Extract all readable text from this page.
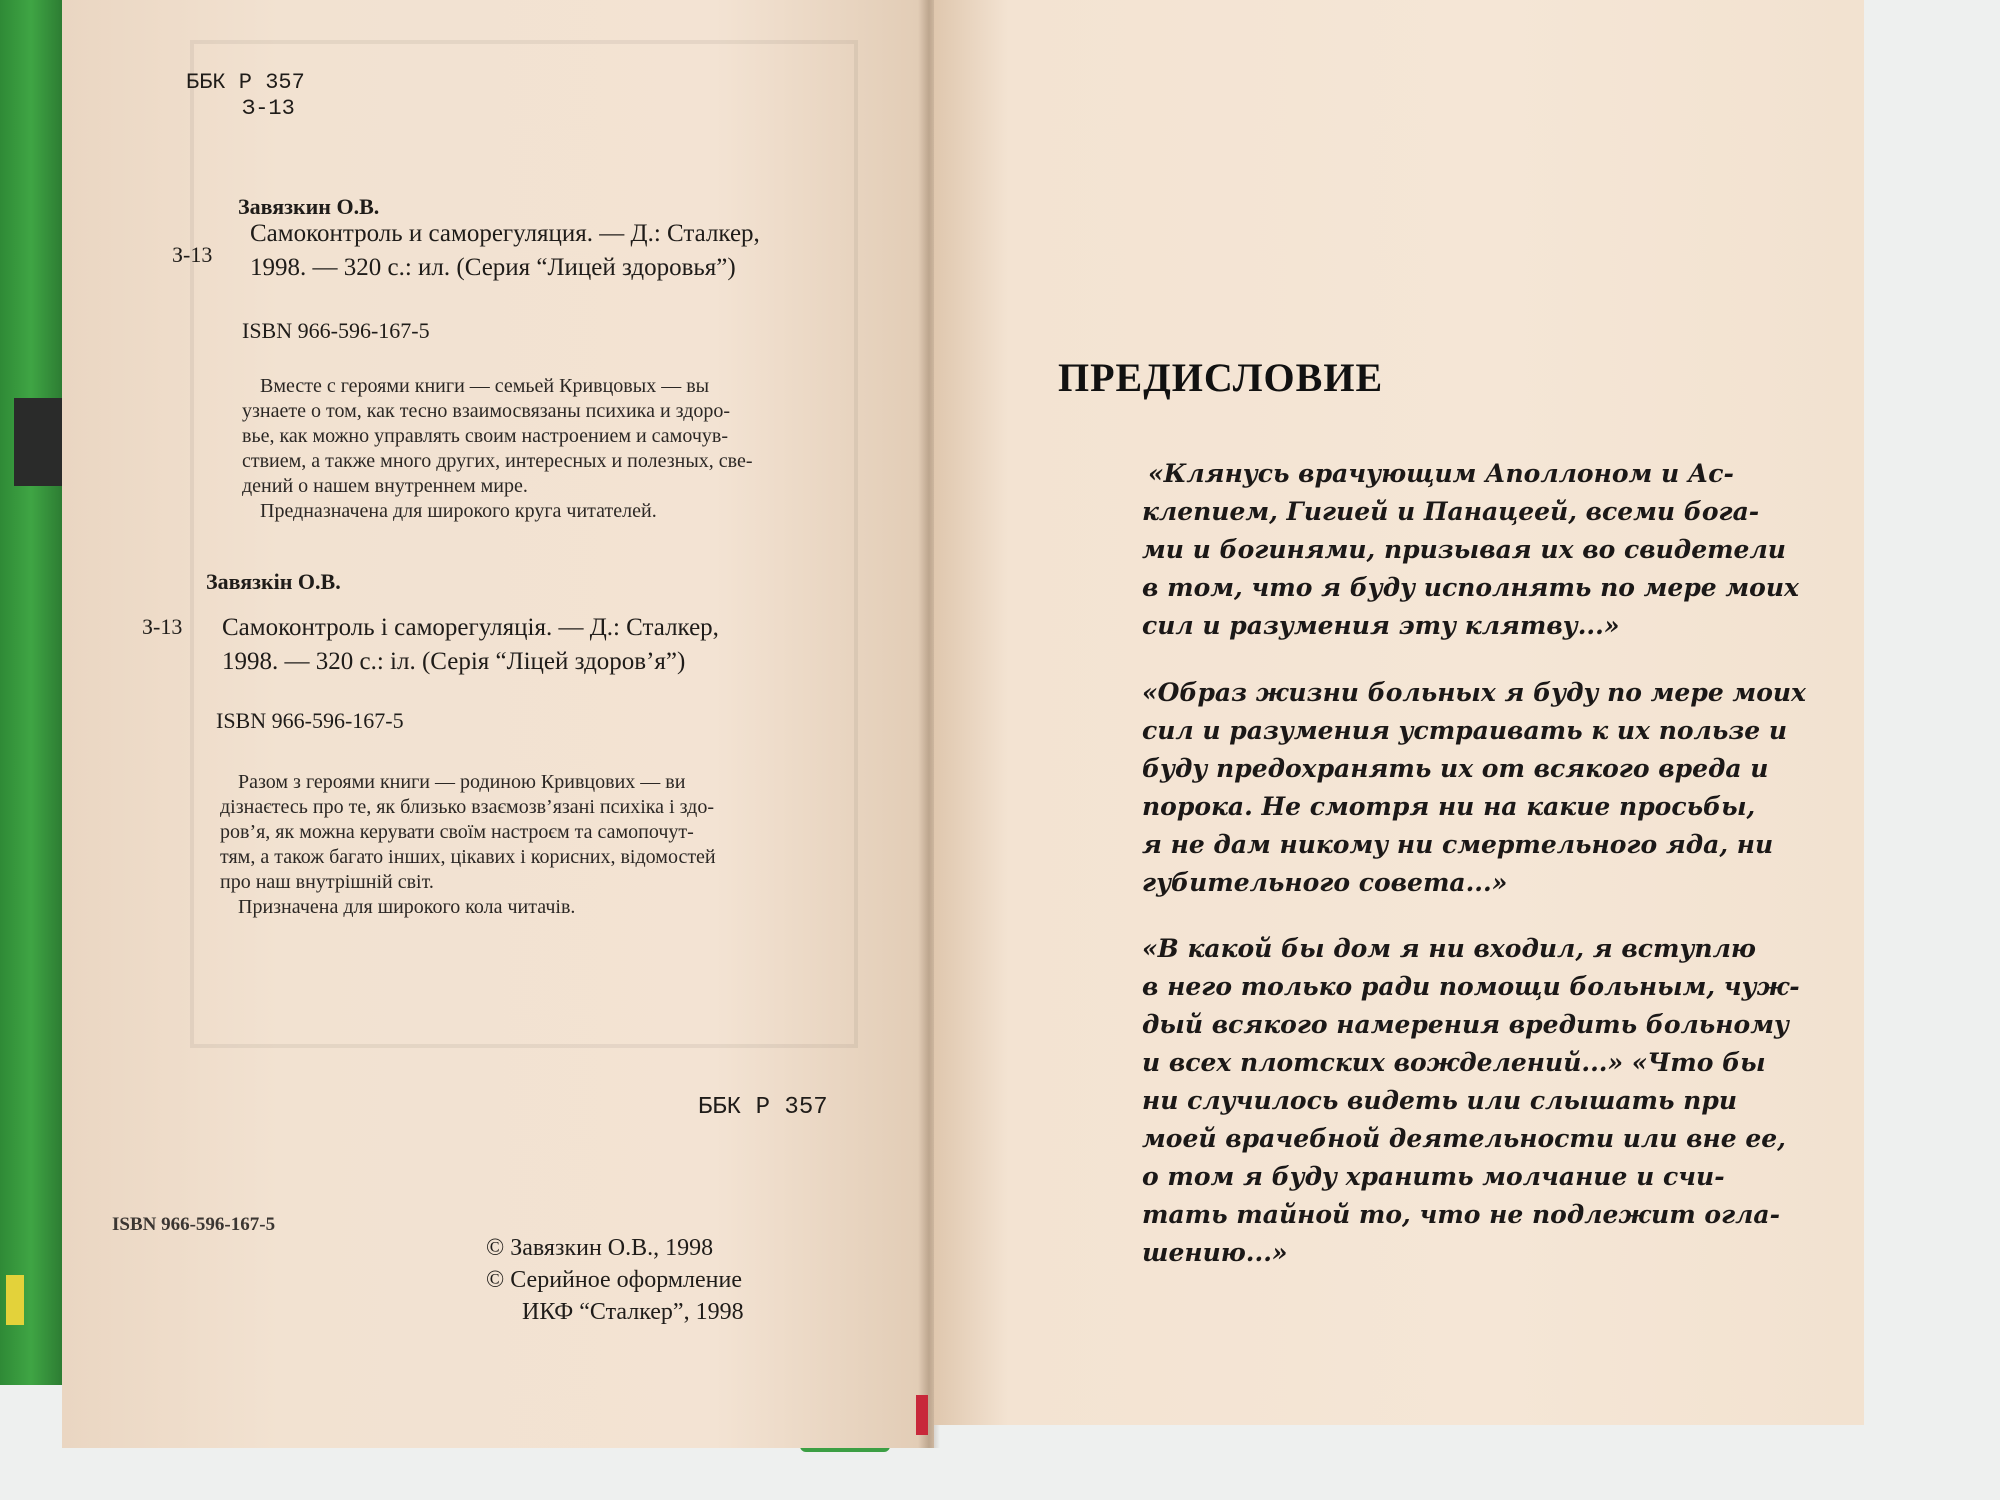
ББК Р 357
З-13
Завязкин О.В.
З-13
Самоконтроль и саморегуляция. — Д.: Сталкер,
1998. — 320 с.: ил. (Серия “Лицей здоровья”)
ISBN 966-596-167-5
Вместе с героями книги — семьей Кривцовых — вы
узнаете о том, как тесно взаимосвязаны психика и здоро-
вье, как можно управлять своим настроением и самочув-
ствием, а также много других, интересных и полезных, све-
дений о нашем внутреннем мире.
Предназначена для широкого круга читателей.
Завязкін О.В.
З-13 Самоконтроль і саморегуляція. — Д.: Сталкер,
1998. — 320 с.: іл. (Серія “Ліцей здоров’я”)
ISBN 966-596-167-5
Разом з героями книги — родиною Кривцових — ви
дізнаєтесь про те, як близько взаємозв’язані психіка і здо-
ров’я, як можна керувати своїм настроєм та самопочут-
тям, а також багато інших, цікавих і корисних, відомостей
про наш внутрішній світ.
Призначена для широкого кола читачів.
ББК Р 357
ISBN 966-596-167-5
© Завязкин О.В., 1998
© Серийное оформление
ИКФ “Сталкер”, 1998
ПРЕДИСЛОВИЕ
«Клянусь врачующим Аполлоном и Ас-
клепием, Гигией и Панацеей, всеми бога-
ми и богинями, призывая их во свидетели
в том, что я буду исполнять по мере моих
сил и разумения эту клятву...»
«Образ жизни больных я буду по мере моих
сил и разумения устраивать к их пользе и
буду предохранять их от всякого вреда и
порока. Не смотря ни на какие просьбы,
я не дам никому ни смертельного яда, ни
губительного совета...»
«В какой бы дом я ни входил, я вступлю
в него только ради помощи больным, чуж-
дый всякого намерения вредить больному
и всех плотских вожделений...» «Что бы
ни случилось видеть или слышать при
моей врачебной деятельности или вне ее,
о том я буду хранить молчание и счи-
тать тайной то, что не подлежит огла-
шению...»
